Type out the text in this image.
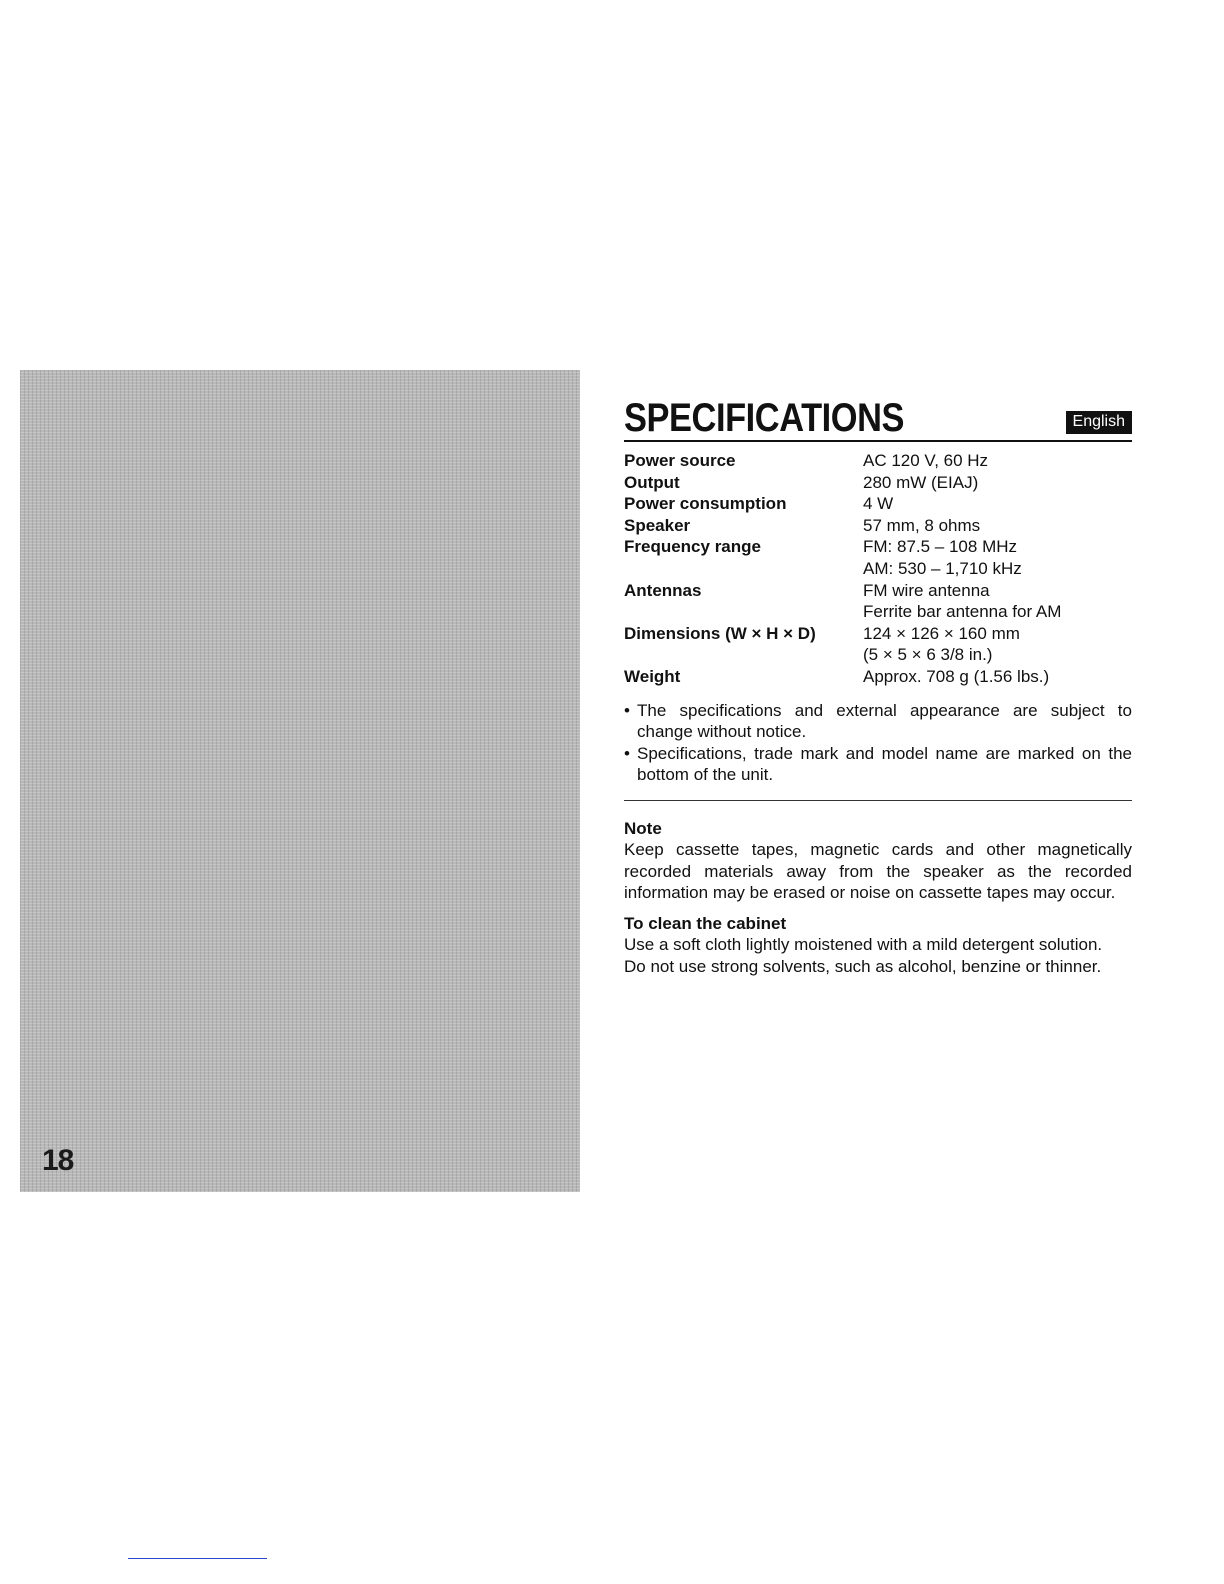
18
SPECIFICATIONS	English
Power source	AC 120 V, 60 Hz
Output	280 mW (EIAJ)
Power consumption	4 W
Speaker	57 mm, 8 ohms
Frequency range	FM: 87.5 – 108 MHz
AM: 530 – 1,710 kHz
Antennas	FM wire antenna
Ferrite bar antenna for AM
Dimensions (W × H × D)	124 × 126 × 160 mm
(5 × 5 × 6 3/8 in.)
Weight	Approx. 708 g (1.56 lbs.)
• The specifications and external appearance are subject to change without notice.
• Specifications, trade mark and model name are marked on the bottom of the unit.
Note

Keep cassette tapes, magnetic cards and other magnetically recorded materials away from the speaker as the recorded information may be erased or noise on cassette tapes may occur.

To clean the cabinet

Use a soft cloth lightly moistened with a mild detergent solution.

Do not use strong solvents, such as alcohol, benzine or thinner.
